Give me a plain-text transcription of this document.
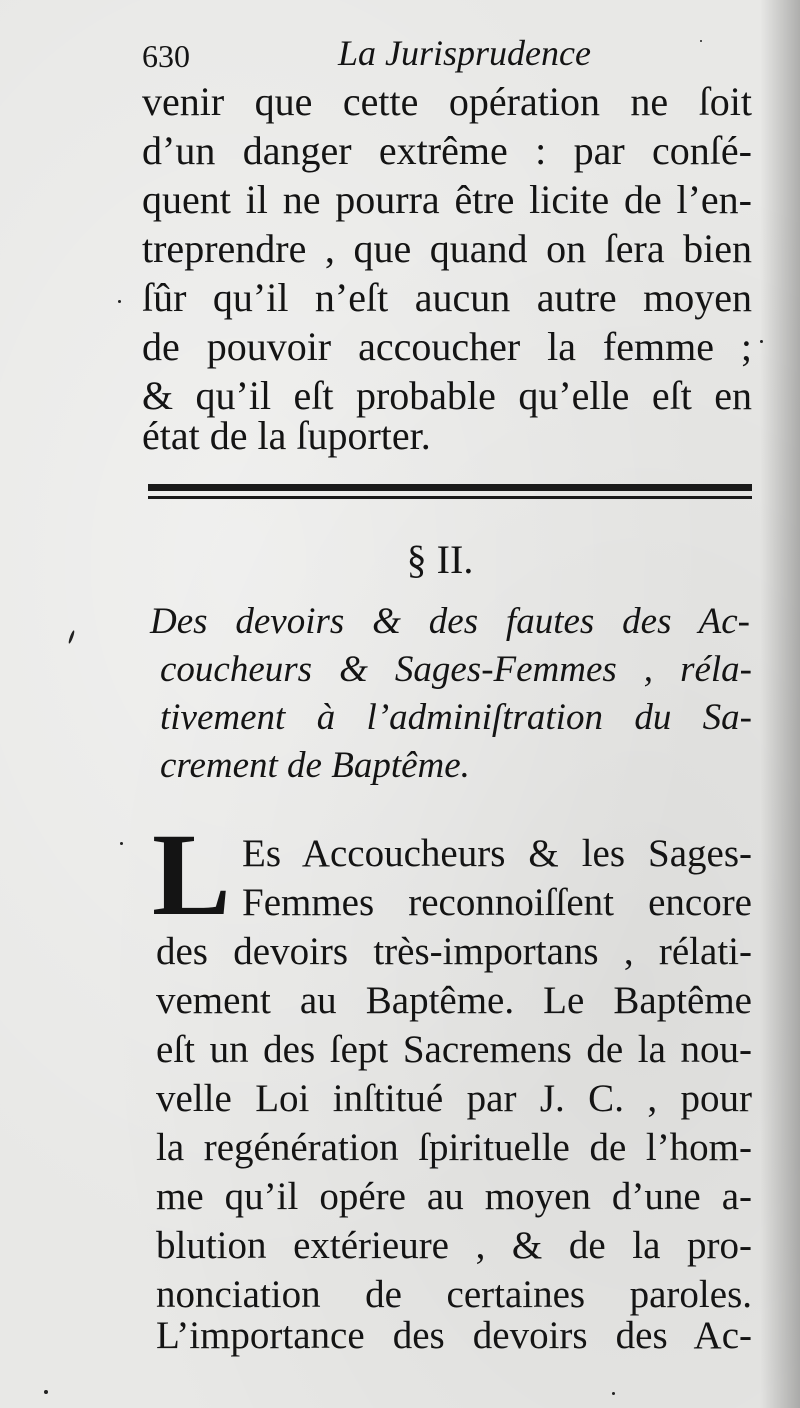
630	La Jurisprudence
venir que cette opération ne ſoit
d’un danger extrême : par conſé-
quent il ne pourra être licite de l’en-
treprendre , que quand on ſera bien
ſûr qu’il n’eſt aucun autre moyen
de pouvoir accoucher la femme ;
& qu’il eſt probable qu’elle eſt en
état de la ſuporter.
§ II.
Des devoirs & des fautes des Ac-
coucheurs & Sages-Femmes , réla-
tivement à l’adminiſtration du Sa-
crement de Baptême.
L Es Accoucheurs & les Sages-
Femmes reconnoiſſent encore
des devoirs très-importans , rélati-
vement au Baptême. Le Baptême
eſt un des ſept Sacremens de la nou-
velle Loi inſtitué par J. C. , pour
la regénération ſpirituelle de l’hom-
me qu’il opére au moyen d’une a-
blution extérieure , & de la pro-
nonciation de certaines paroles.
L’importance des devoirs des Ac-
